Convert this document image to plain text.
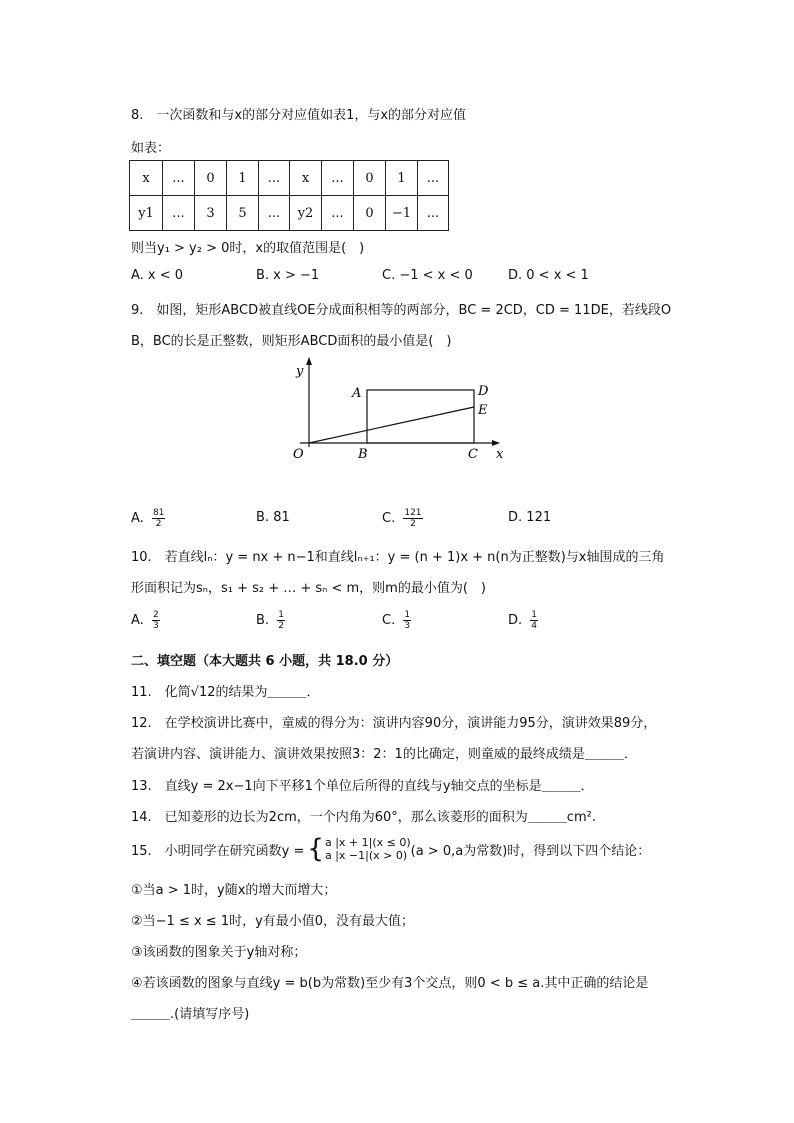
8.　一次函数和与x的部分对应值如表1，与x的部分对应值
如表：
x	...	0	1	...	x	...	0	1	...
y1	...	3	5	...	y2	...	0	−1	...
则当y₁ > y₂ > 0时，x的取值范围是(　)
A. x < 0	B. x > −1	C. −1 < x < 0	D. 0 < x < 1
9.　如图，矩形ABCD被直线OE分成面积相等的两部分，BC = 2CD，CD = 11DE，若线段O
B，BC的长是正整数，则矩形ABCD面积的最小值是(　)
y
x
O
A
B	C
D
E
A. $\frac{81}{2}$	B. 81	C. $\frac{121}{2}$	D. 121
10.　若直线lₙ：y = nx + n−1和直线lₙ₊₁：y = (n + 1)x + n(n为正整数)与x轴围成的三角
形面积记为sₙ，s₁ + s₂ + … + sₙ < m，则m的最小值为(　)
A. $\frac{2}{3}$	B. $\frac{1}{2}$	C. $\frac{1}{3}$	D. $\frac{1}{4}$
二、填空题（本大题共 6 小题，共 18.0 分）
11.　化简√12的结果为＿＿＿．
12.　在学校演讲比赛中，童威的得分为：演讲内容90分，演讲能力95分，演讲效果89分，
若演讲内容、演讲能力、演讲效果按照3：2：1的比确定，则童威的最终成绩是＿＿＿．
13.　直线y = 2x−1向下平移1个单位后所得的直线与y轴交点的坐标是＿＿＿．
14.　已知菱形的边长为2cm，一个内角为60°，那么该菱形的面积为＿＿＿cm².
15.　小明同学在研究函数y = { a |x + 1|(x ≤ 0)
a |x −1|(x > 0) (a > 0,a为常数)时，得到以下四个结论：
①当a > 1时，y随x的增大而增大；
②当−1 ≤ x ≤ 1时，y有最小值0，没有最大值；
③该函数的图象关于y轴对称；
④若该函数的图象与直线y = b(b为常数)至少有3个交点，则0 < b ≤ a.其中正确的结论是
＿＿＿.(请填写序号)
